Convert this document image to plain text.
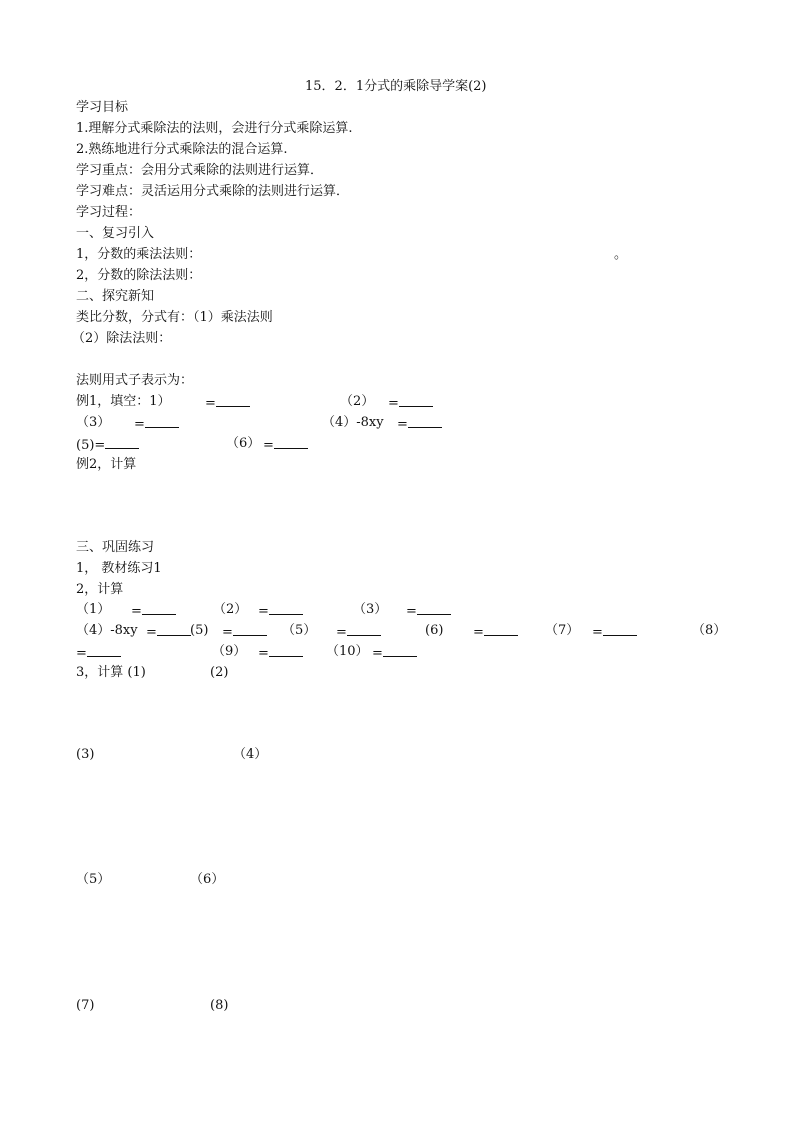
15．2．1分式的乘除导学案(2)
学习目标
1.理解分式乘除法的法则，会进行分式乘除运算.
2.熟练地进行分式乘除法的混合运算.
学习重点：会用分式乘除的法则进行运算．
学习难点：灵活运用分式乘除的法则进行运算．
学习过程：
一、复习引入
1，分数的乘法法则：	。
2，分数的除法法则：
二、探究新知
类比分数，分式有：（1）乘法法则
（2）除法法则：
法则用式子表示为：
例1，填空：1）	=	（2） =
（3） =	（4）-8xy =
(5)=	（6） =
例2，计算
三、巩固练习
1， 教材练习1
2，计算
（1） =	（2） =	（3） =
（4）-8xy =	(5) =	（5） =	(6) =	（7） =	（8）
=	（9） =	（10） =
3，计算 (1)	(2)
(3)	（4）
（5）	（6）
(7)	(8)
